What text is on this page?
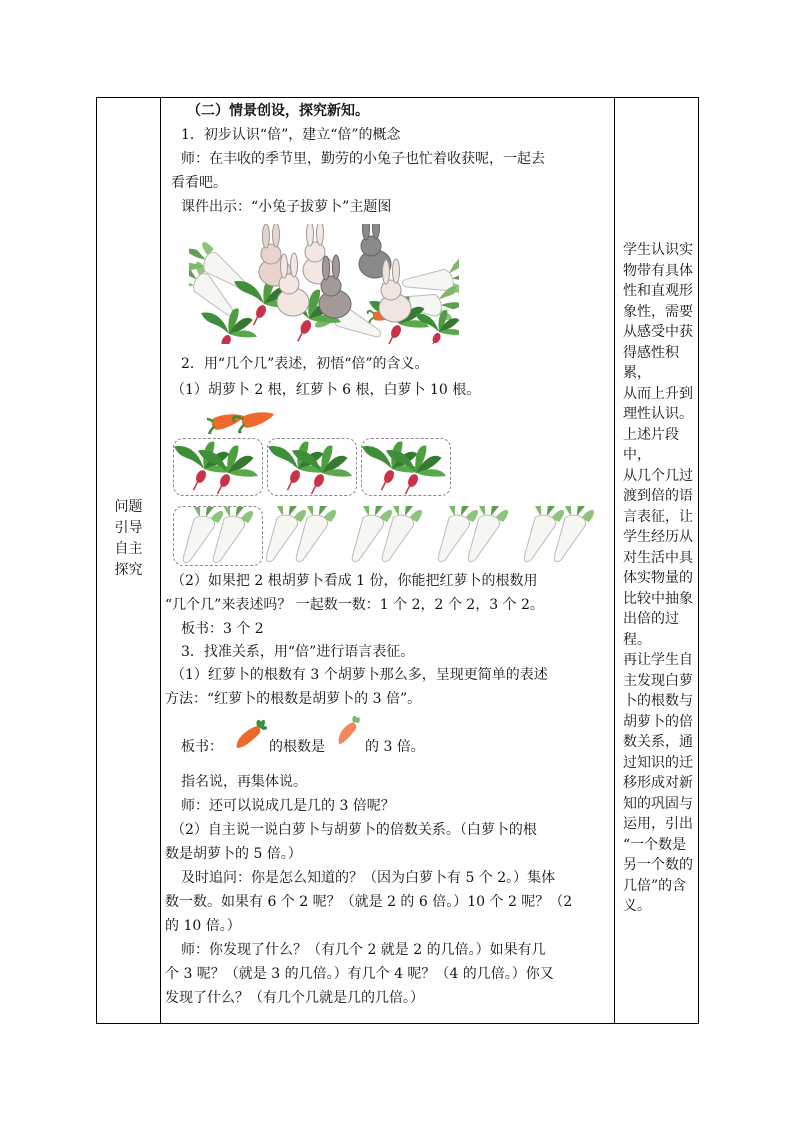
问题
引导
自主
探究
（二）情景创设，探究新知。
1．初步认识“倍”，建立“倍”的概念
师：在丰收的季节里，勤劳的小兔子也忙着收获呢，一起去
看看吧。
课件出示：“小兔子拔萝卜”主题图
2．用“几个几”表述，初悟“倍”的含义。
（1）胡萝卜 2 根，红萝卜 6 根，白萝卜 10 根。
（2）如果把 2 根胡萝卜看成 1 份，你能把红萝卜的根数用
“几个几”来表述吗？ 一起数一数：1 个 2，2 个 2，3 个 2。
板书：3 个 2
3．找准关系，用“倍”进行语言表征。
（1）红萝卜的根数有 3 个胡萝卜那么多，呈现更简单的表述
方法：“红萝卜的根数是胡萝卜的 3 倍”。
板书：	的根数是	的 3 倍。
指名说，再集体说。
师：还可以说成几是几的 3 倍呢？
（2）自主说一说白萝卜与胡萝卜的倍数关系。（白萝卜的根
数是胡萝卜的 5 倍。）
及时追问：你是怎么知道的？（因为白萝卜有 5 个 2。）集体
数一数。如果有 6 个 2 呢？（就是 2 的 6 倍。）10 个 2 呢？（2
的 10 倍。）
师：你发现了什么？（有几个 2 就是 2 的几倍。）如果有几
个 3 呢？（就是 3 的几倍。）有几个 4 呢？（4 的几倍。）你又
发现了什么？（有几个几就是几的几倍。）
学生认识实
物带有具体
性和直观形
象性，需要
从感受中获
得感性积累，
从而上升到
理性认识。
上述片段中，
从几个几过
渡到倍的语
言表征，让
学生经历从
对生活中具
体实物量的
比较中抽象
出倍的过程。
再让学生自
主发现白萝
卜的根数与
胡萝卜的倍
数关系，通
过知识的迁
移形成对新
知的巩固与
运用，引出
“一个数是
另一个数的
几倍”的含
义。
